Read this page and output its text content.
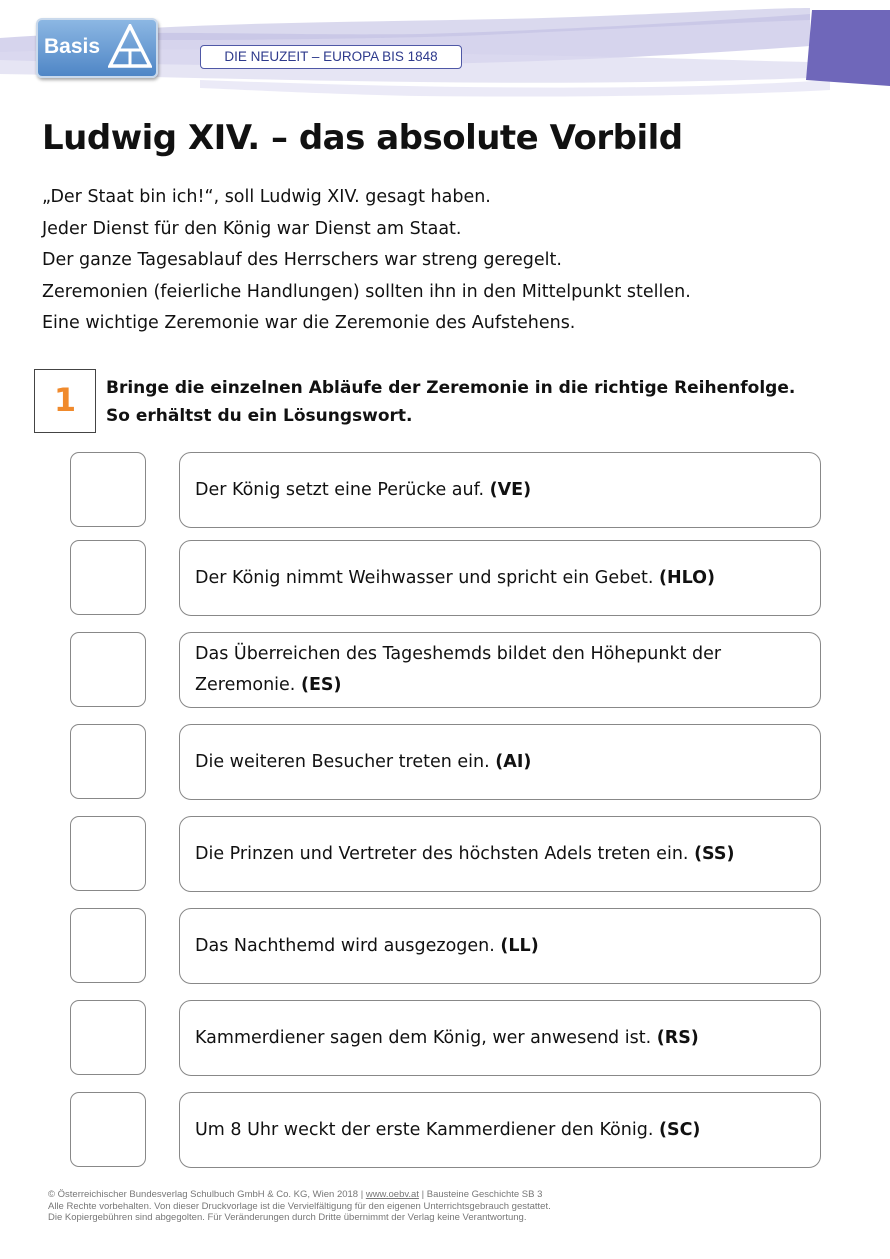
Basis	DIE NEUZEIT – EUROPA BIS 1848
Ludwig XIV. – das absolute Vorbild
„Der Staat bin ich!“, soll Ludwig XIV. gesagt haben.
Jeder Dienst für den König war Dienst am Staat.
Der ganze Tagesablauf des Herrschers war streng geregelt.
Zeremonien (feierliche Handlungen) sollten ihn in den Mittelpunkt stellen.
Eine wichtige Zeremonie war die Zeremonie des Aufstehens.
1	Bringe die einzelnen Abläufe der Zeremonie in die richtige Reihenfolge.
So erhältst du ein Lösungswort.
Der König setzt eine Perücke auf. (VE)
Der König nimmt Weihwasser und spricht ein Gebet. (HLO)
Das Überreichen des Tageshemds bildet den Höhepunkt der Zeremonie. (ES)
Die weiteren Besucher treten ein. (AI)
Die Prinzen und Vertreter des höchsten Adels treten ein. (SS)
Das Nachthemd wird ausgezogen. (LL)
Kammerdiener sagen dem König, wer anwesend ist. (RS)
Um 8 Uhr weckt der erste Kammerdiener den König. (SC)
© Österreichischer Bundesverlag Schulbuch GmbH & Co. KG, Wien 2018 | www.oebv.at | Bausteine Geschichte SB 3
Alle Rechte vorbehalten. Von dieser Druckvorlage ist die Vervielfältigung für den eigenen Unterrichtsgebrauch gestattet.
Die Kopiergebühren sind abgegolten. Für Veränderungen durch Dritte übernimmt der Verlag keine Verantwortung.
